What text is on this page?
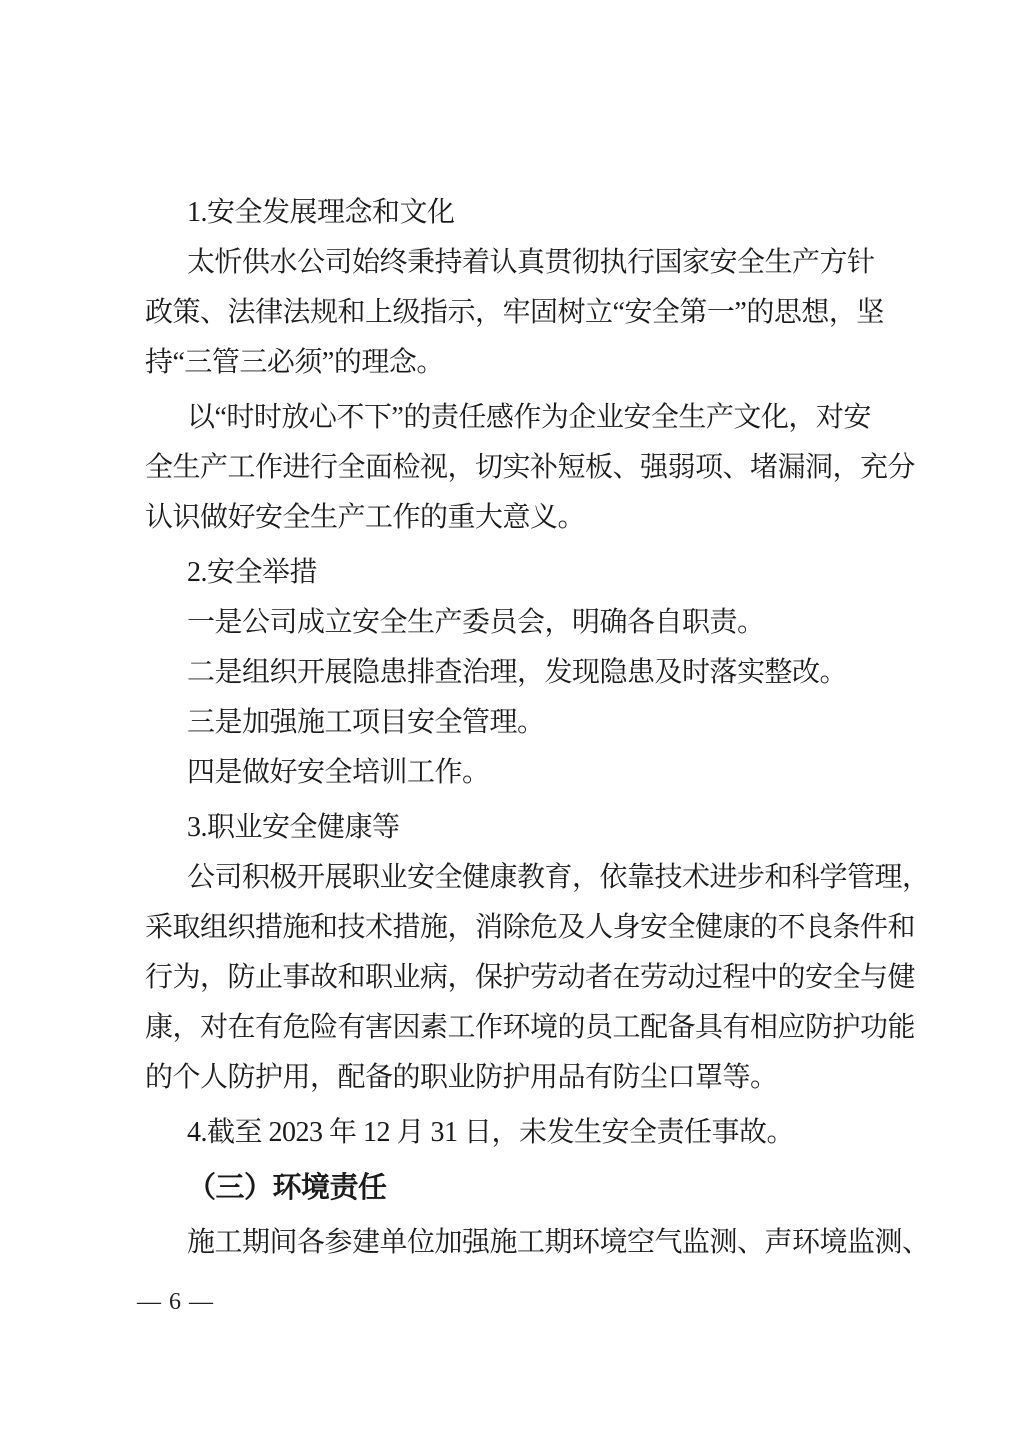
1.安全发展理念和文化
太忻供水公司始终秉持着认真贯彻执行国家安全生产方针
政策、法律法规和上级指示，牢固树立“安全第一”的思想，坚
持“三管三必须”的理念。
以“时时放心不下”的责任感作为企业安全生产文化，对安
全生产工作进行全面检视，切实补短板、强弱项、堵漏洞，充分
认识做好安全生产工作的重大意义。
2.安全举措
一是公司成立安全生产委员会，明确各自职责。
二是组织开展隐患排查治理，发现隐患及时落实整改。
三是加强施工项目安全管理。
四是做好安全培训工作。
3.职业安全健康等
公司积极开展职业安全健康教育，依靠技术进步和科学管理，
采取组织措施和技术措施，消除危及人身安全健康的不良条件和
行为，防止事故和职业病，保护劳动者在劳动过程中的安全与健
康，对在有危险有害因素工作环境的员工配备具有相应防护功能
的个人防护用，配备的职业防护用品有防尘口罩等。
4.截至 2023 年 12 月 31 日，未发生安全责任事故。
（三）环境责任
施工期间各参建单位加强施工期环境空气监测、声环境监测、
— 6 —
